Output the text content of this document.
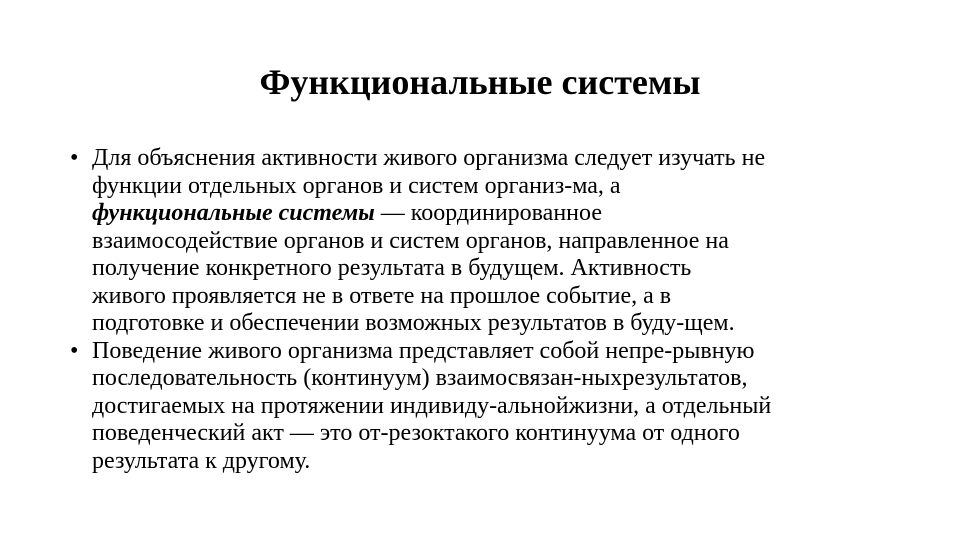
Функциональные системы
• Для объяснения активности живого организма следует изучать не
функции отдельных органов и систем организ-ма, а
функциональные системы — координированное
взаимосодействие органов и систем органов, направленное на
получение конкретного результата в будущем. Активность
живого проявляется не в ответе на прошлое событие, а в
подготовке и обеспечении возможных результатов в буду-щем.
• Поведение живого организма представляет собой непре-рывную
последовательность (континуум) взаимосвязан-ныхрезультатов,
достигаемых на протяжении индивиду-альнойжизни, а отдельный
поведенческий акт — это от-резоктакого континуума от одного
результата к другому.
